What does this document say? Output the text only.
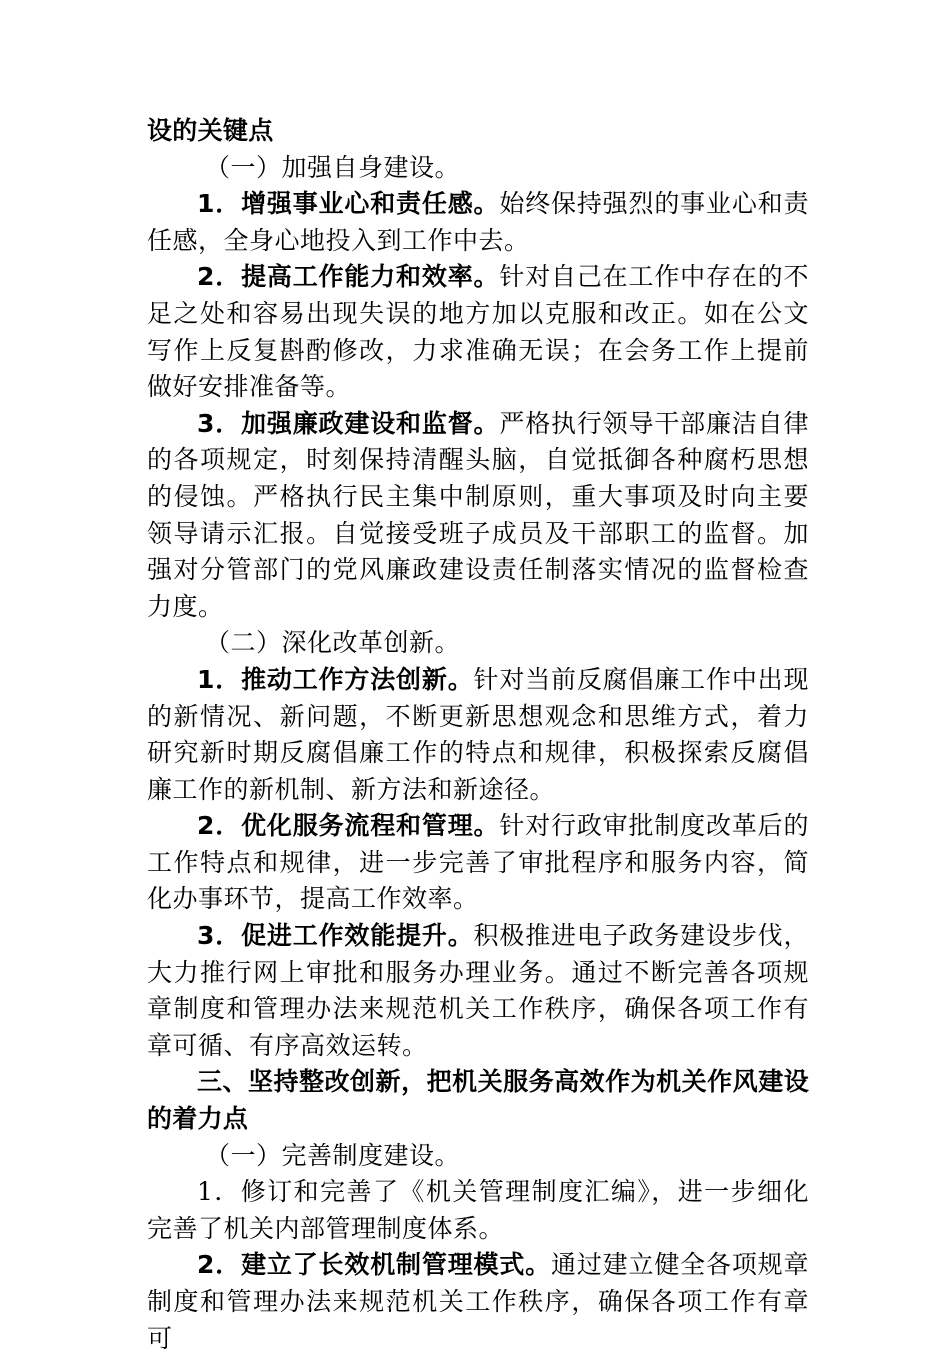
设的关键点

（一）加强自身建设。

1．增强事业心和责任感。始终保持强烈的事业心和责任感，全身心地投入到工作中去。

2．提高工作能力和效率。针对自己在工作中存在的不足之处和容易出现失误的地方加以克服和改正。如在公文写作上反复斟酌修改，力求准确无误；在会务工作上提前做好安排准备等。

3．加强廉政建设和监督。严格执行领导干部廉洁自律的各项规定，时刻保持清醒头脑，自觉抵御各种腐朽思想的侵蚀。严格执行民主集中制原则，重大事项及时向主要领导请示汇报。自觉接受班子成员及干部职工的监督。加强对分管部门的党风廉政建设责任制落实情况的监督检查力度。

（二）深化改革创新。

1．推动工作方法创新。针对当前反腐倡廉工作中出现的新情况、新问题，不断更新思想观念和思维方式，着力研究新时期反腐倡廉工作的特点和规律，积极探索反腐倡廉工作的新机制、新方法和新途径。

2．优化服务流程和管理。针对行政审批制度改革后的工作特点和规律，进一步完善了审批程序和服务内容，简化办事环节，提高工作效率。

3．促进工作效能提升。积极推进电子政务建设步伐，大力推行网上审批和服务办理业务。通过不断完善各项规章制度和管理办法来规范机关工作秩序，确保各项工作有章可循、有序高效运转。

三、坚持整改创新，把机关服务高效作为机关作风建设的着力点

（一）完善制度建设。

1．修订和完善了《机关管理制度汇编》，进一步细化完善了机关内部管理制度体系。

2．建立了长效机制管理模式。通过建立健全各项规章制度和管理办法来规范机关工作秩序，确保各项工作有章可
